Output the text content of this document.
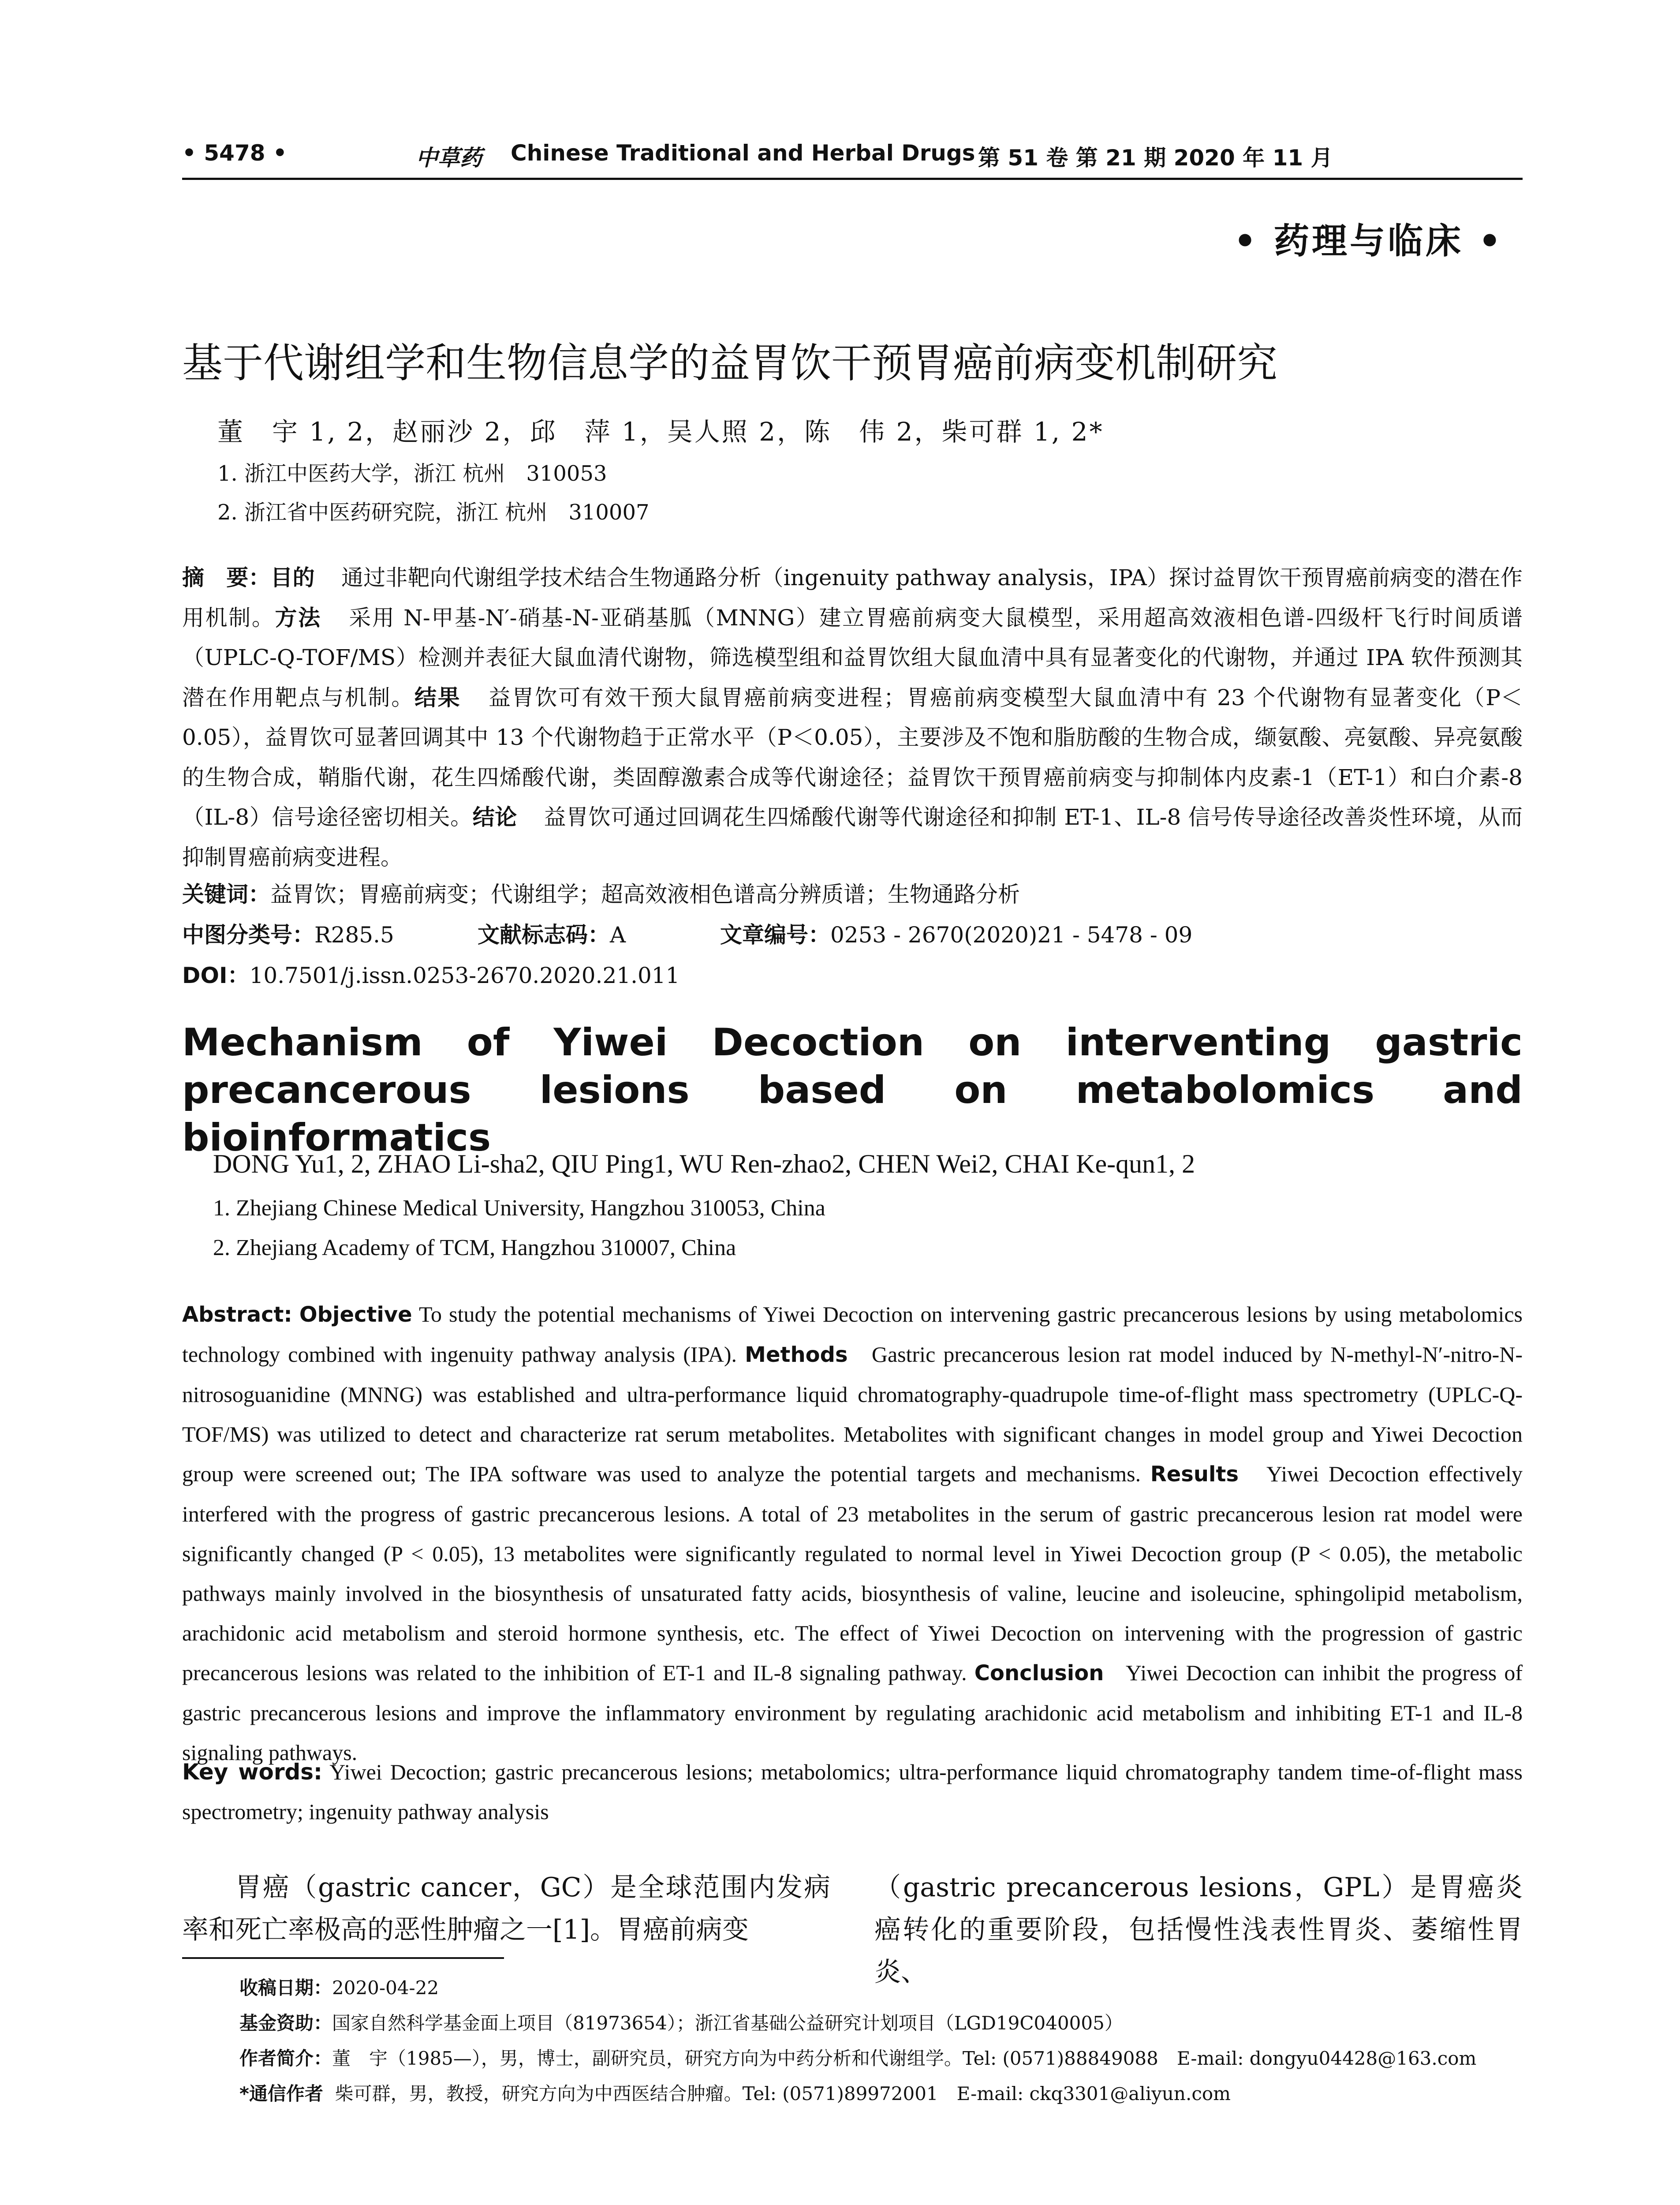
• 5478 •	中草药 Chinese Traditional and Herbal Drugs 第 51 卷 第 21 期 2020 年 11 月
• 药理与临床 •
基于代谢组学和生物信息学的益胃饮干预胃癌前病变机制研究
董　宇 1, 2，赵丽沙 2，邱　萍 1，吴人照 2，陈　伟 2，柴可群 1, 2*
1. 浙江中医药大学，浙江 杭州　310053
2. 浙江省中医药研究院，浙江 杭州　310007
摘　要：目的 通过非靶向代谢组学技术结合生物通路分析（ingenuity pathway analysis，IPA）探讨益胃饮干预胃癌前病变的潜在作用机制。方法 采用 N-甲基-N′-硝基-N-亚硝基胍（MNNG）建立胃癌前病变大鼠模型，采用超高效液相色谱-四级杆飞行时间质谱（UPLC-Q-TOF/MS）检测并表征大鼠血清代谢物，筛选模型组和益胃饮组大鼠血清中具有显著变化的代谢物，并通过 IPA 软件预测其潜在作用靶点与机制。结果 益胃饮可有效干预大鼠胃癌前病变进程；胃癌前病变模型大鼠血清中有 23 个代谢物有显著变化（P＜0.05），益胃饮可显著回调其中 13 个代谢物趋于正常水平（P＜0.05），主要涉及不饱和脂肪酸的生物合成，缬氨酸、亮氨酸、异亮氨酸的生物合成，鞘脂代谢，花生四烯酸代谢，类固醇激素合成等代谢途径；益胃饮干预胃癌前病变与抑制体内皮素-1（ET-1）和白介素-8（IL-8）信号途径密切相关。结论 益胃饮可通过回调花生四烯酸代谢等代谢途径和抑制 ET-1、IL-8 信号传导途径改善炎性环境，从而抑制胃癌前病变进程。
关键词：益胃饮；胃癌前病变；代谢组学；超高效液相色谱高分辨质谱；生物通路分析
中图分类号：R285.5	文献标志码：A	文章编号：0253 - 2670(2020)21 - 5478 - 09
DOI：10.7501/j.issn.0253-2670.2020.21.011
Mechanism of Yiwei Decoction on interventing gastric precancerous lesions based on metabolomics and bioinformatics
DONG Yu1, 2, ZHAO Li-sha2, QIU Ping1, WU Ren-zhao2, CHEN Wei2, CHAI Ke-qun1, 2
1. Zhejiang Chinese Medical University, Hangzhou 310053, China
2. Zhejiang Academy of TCM, Hangzhou 310007, China
Abstract: Objective To study the potential mechanisms of Yiwei Decoction on intervening gastric precancerous lesions by using metabolomics technology combined with ingenuity pathway analysis (IPA). Methods Gastric precancerous lesion rat model induced by N-methyl-N′-nitro-N-nitrosoguanidine (MNNG) was established and ultra-performance liquid chromatography-quadrupole time-of-flight mass spectrometry (UPLC-Q-TOF/MS) was utilized to detect and characterize rat serum metabolites. Metabolites with significant changes in model group and Yiwei Decoction group were screened out; The IPA software was used to analyze the potential targets and mechanisms. Results Yiwei Decoction effectively interfered with the progress of gastric precancerous lesions. A total of 23 metabolites in the serum of gastric precancerous lesion rat model were significantly changed (P < 0.05), 13 metabolites were significantly regulated to normal level in Yiwei Decoction group (P < 0.05), the metabolic pathways mainly involved in the biosynthesis of unsaturated fatty acids, biosynthesis of valine, leucine and isoleucine, sphingolipid metabolism, arachidonic acid metabolism and steroid hormone synthesis, etc. The effect of Yiwei Decoction on intervening with the progression of gastric precancerous lesions was related to the inhibition of ET-1 and IL-8 signaling pathway. Conclusion Yiwei Decoction can inhibit the progress of gastric precancerous lesions and improve the inflammatory environment by regulating arachidonic acid metabolism and inhibiting ET-1 and IL-8 signaling pathways.
Key words: Yiwei Decoction; gastric precancerous lesions; metabolomics; ultra-performance liquid chromatography tandem time-of-flight mass spectrometry; ingenuity pathway analysis
胃癌（gastric cancer，GC）是全球范围内发病率和死亡率极高的恶性肿瘤之一[1]。胃癌前病变
（gastric precancerous lesions，GPL）是胃癌炎癌转化的重要阶段，包括慢性浅表性胃炎、萎缩性胃炎、
收稿日期：2020-04-22
基金资助：国家自然科学基金面上项目（81973654）；浙江省基础公益研究计划项目（LGD19C040005）
作者简介：董　宇（1985—），男，博士，副研究员，研究方向为中药分析和代谢组学。Tel: (0571)88849088　E-mail: dongyu04428@163.com
*通信作者 柴可群，男，教授，研究方向为中西医结合肿瘤。Tel: (0571)89972001　E-mail: ckq3301@aliyun.com
